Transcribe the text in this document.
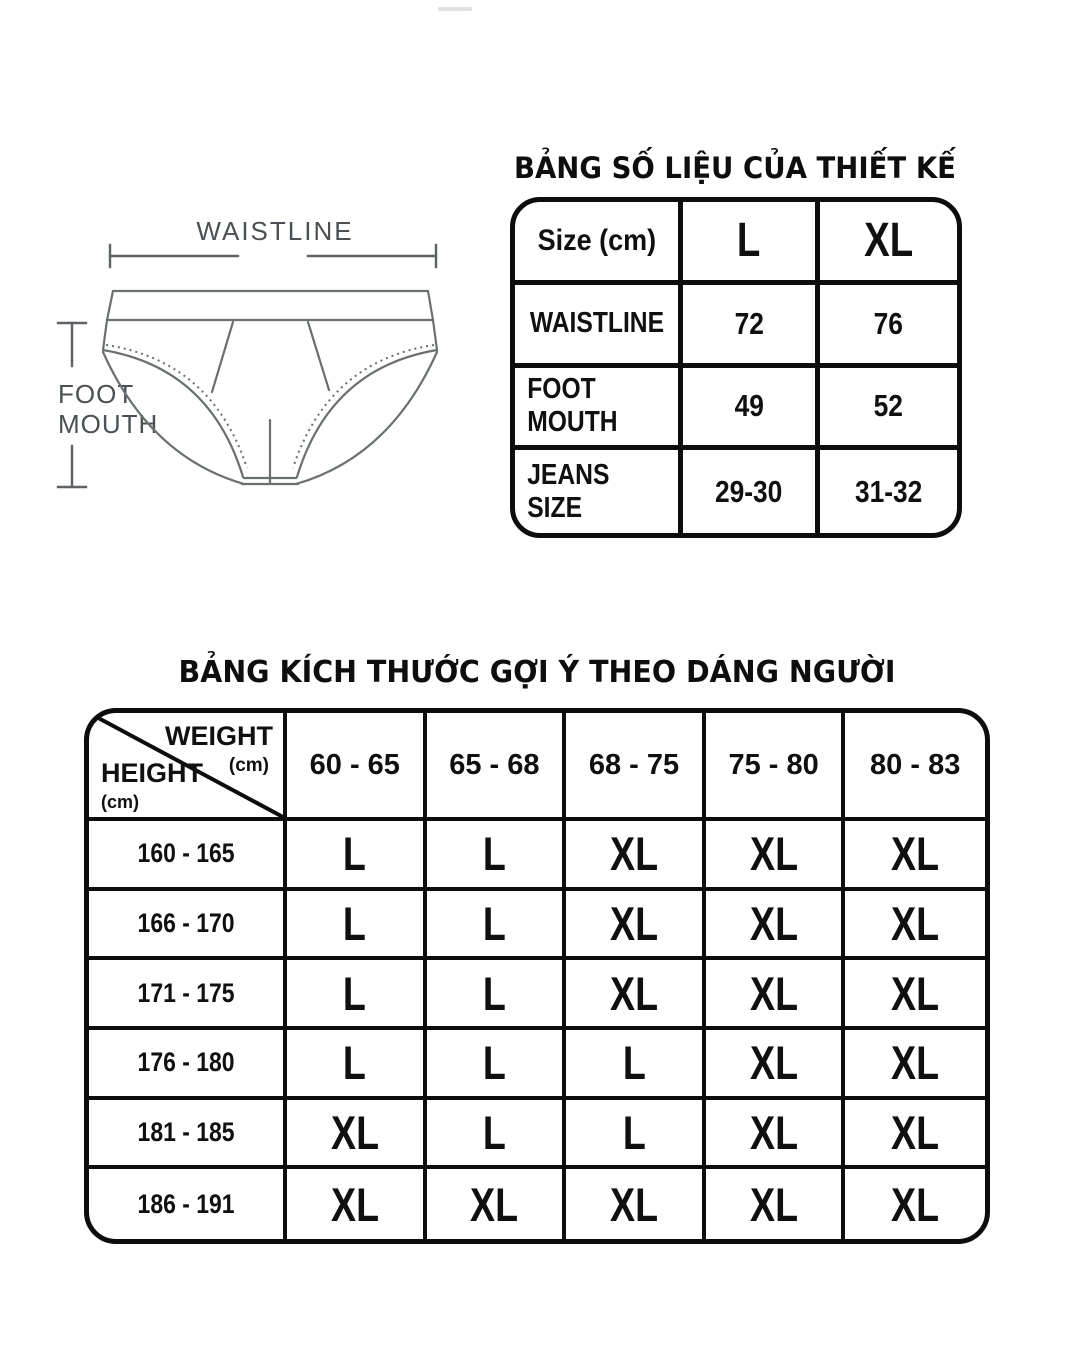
WAISTLINE
FOOT
MOUTH
BẢNG SỐ LIỆU CỦA THIẾT KẾ
Size (cm) L XL
WAISTLINE 72	76
FOOT MOUTH	49	52
JEANS SIZE	29-30 31-32
BẢNG KÍCH THƯỚC GỢI Ý THEO DÁNG NGƯỜI
WEIGHT
(cm)
HEIGHT
(cm)
60 - 65 65 - 68 68 - 75 75 - 80 80 - 83
160 - 165 L L XL XL XL
166 - 170 L L XL XL XL
171 - 175 L L XL XL XL
176 - 180 L L L XL XL
181 - 185 XL L L XL XL
186 - 191 XL XL XL XL XL
